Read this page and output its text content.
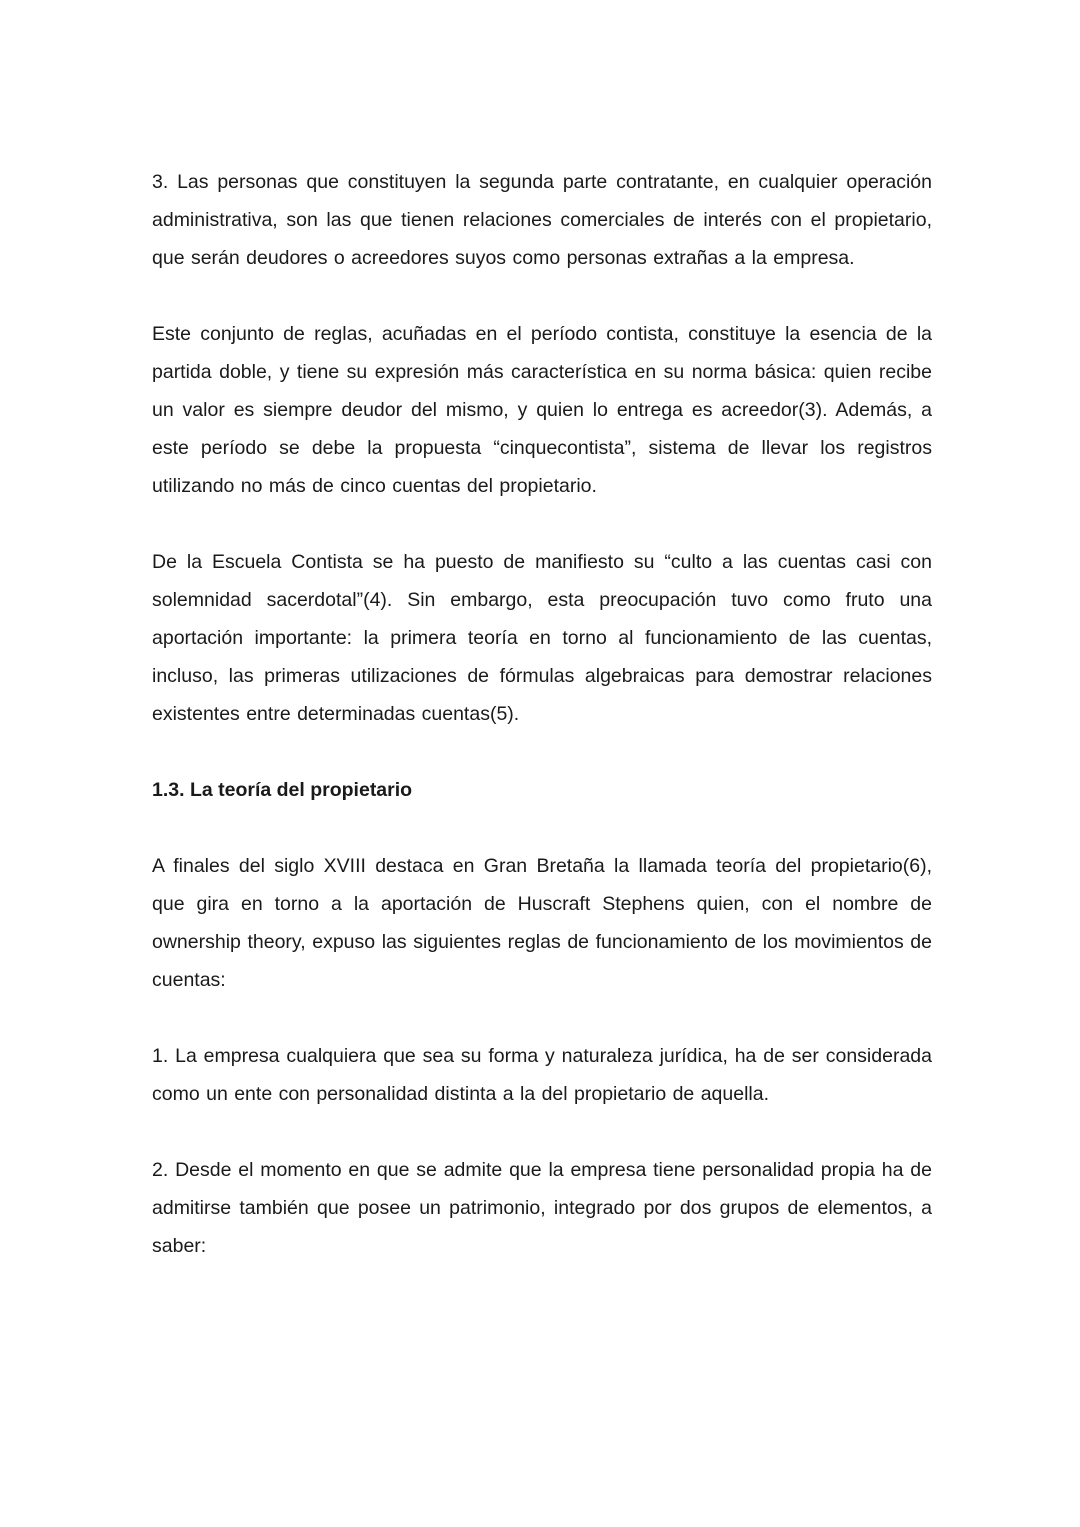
3. Las personas que constituyen la segunda parte contratante, en cualquier operación administrativa, son las que tienen relaciones comerciales de interés con el propietario, que serán deudores o acreedores suyos como personas extrañas a la empresa.

Este conjunto de reglas, acuñadas en el período contista, constituye la esencia de la partida doble, y tiene su expresión más característica en su norma básica: quien recibe un valor es siempre deudor del mismo, y quien lo entrega es acreedor(3). Además, a este período se debe la propuesta “cinquecontista”, sistema de llevar los registros utilizando no más de cinco cuentas del propietario.

De la Escuela Contista se ha puesto de manifiesto su “culto a las cuentas casi con solemnidad sacerdotal”(4). Sin embargo, esta preocupación tuvo como fruto una aportación importante: la primera teoría en torno al funcionamiento de las cuentas, incluso, las primeras utilizaciones de fórmulas algebraicas para demostrar relaciones existentes entre determinadas cuentas(5).

1.3. La teoría del propietario

A finales del siglo XVIII destaca en Gran Bretaña la llamada teoría del propietario(6), que gira en torno a la aportación de Huscraft Stephens quien, con el nombre de ownership theory, expuso las siguientes reglas de funcionamiento de los movimientos de cuentas:

1. La empresa cualquiera que sea su forma y naturaleza jurídica, ha de ser considerada como un ente con personalidad distinta a la del propietario de aquella.

2. Desde el momento en que se admite que la empresa tiene personalidad propia ha de admitirse también que posee un patrimonio, integrado por dos grupos de elementos, a saber:
